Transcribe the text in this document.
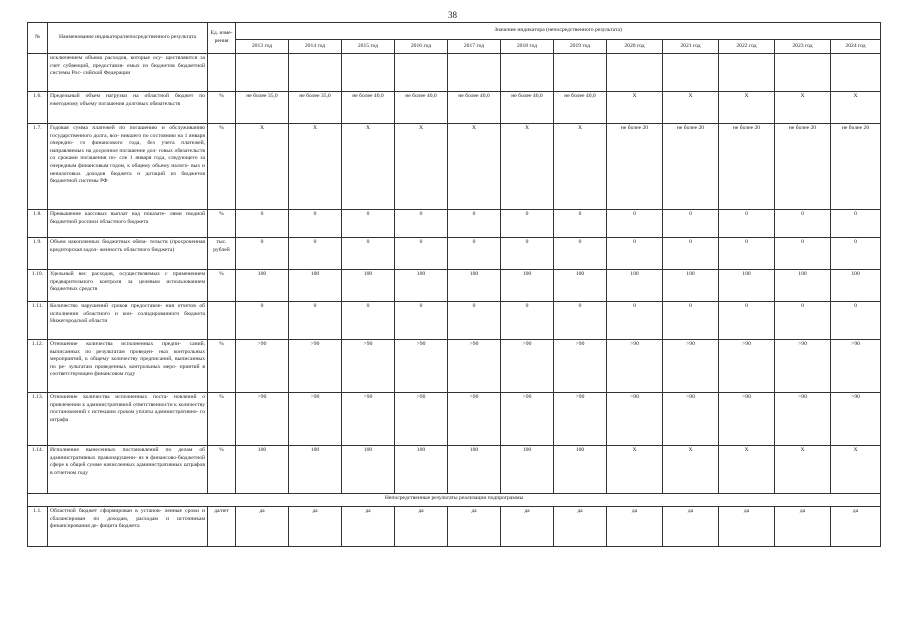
38
№	Наименование индикатора/непосредственного результата	Ед. изме- рения	Значение индикатора (непосредственного результата)											
			2013 год	2014 год	2015 год	2016 год	2017 год	2018 год	2019 год	2020 год	2021 год	2022 год	2023 год	2024 год
	исключением объема расходов, которые осу- ществляются за счет субвенций, предоставля- емых из бюджетов бюджетной системы Рос- сийской Федерации													
1.6.	Предельный объем нагрузки на областной бюджет по ежегодному объему погашения долговых обязательств	%	не более 35,0	не более 35,0	не более 40,0	не более 40,0	не более 40,0	не более 40,0	не более 40,0	X	X	X	X	X
1.7.	Годовая сумма платежей по погашению и обслуживанию государственного долга, воз- никшего по состоянию на 1 января очередно- го финансового года, без учета платежей, направляемых на досрочное погашение дол- говых обязательств со сроками погашения по- сле 1 января года, следующего за очередным финансовым годом, к общему объему налого- вых и неналоговых доходов бюджета и дотаций из бюджетов бюджетной системы РФ	%	X	X	X	X	X	X	X	не более 20	не более 20	не более 20	не более 20	не более 20
1.8.	Превышение кассовых выплат над показате- лями сводной бюджетной росписи областного бюджета	%	0	0	0	0	0	0	0	0	0	0	0	0
1.9.	Объем накопленных бюджетных обяза- тельств (просроченная кредиторская задол- женность областного бюджета)	тыс. рублей	0	0	0	0	0	0	0	0	0	0	0	0
1.10.	Удельный вес расходов, осуществляемых с применением предварительного контроля за целевым использованием бюджетных средств	%	100	100	100	100	100	100	100	100	100	100	100	100
1.11.	Количество нарушений сроков предоставле- ния отчетов об исполнении областного и кон- солидированного бюджета Нижегородской области		0	0	0	0	0	0	0	0	0	0	0	0
1.12.	Отношение количества исполненных предпи- саний, выписанных по результатам проведен- ных контрольных мероприятий, к общему количеству предписаний, выписанных по ре- зультатам проведенных контрольных меро- приятий в соответствующем финансовом году	%	>90	>90	>90	>90	>90	>90	>90	>90	>90	>90	>90	>90
1.13.	Отношение количества исполненных поста- новлений о привлечении к административной ответственности к количеству постановлений с истекшим сроком уплаты административно- го штрафа	%	>90	>90	>90	>90	>90	>90	>90	>90	>90	>90	>90	>90
1.14.	Исполнение вынесенных постановлений по делам об административных правонарушени- ях в финансово-бюджетной сфере к общей сумме начисленных административных штрафов в отчетном году	%	100	100	100	100	100	100	100	X	X	X	X	X
Непосредственные результаты реализации подпрограммы														
1.1.	Областной бюджет сформирован в установ- ленные сроки и сбалансирован по доходам, расходам и источникам финансирования де- фицита бюджета	да/нет	да	да	да	да	да	да	да	да	да	да	да	да
